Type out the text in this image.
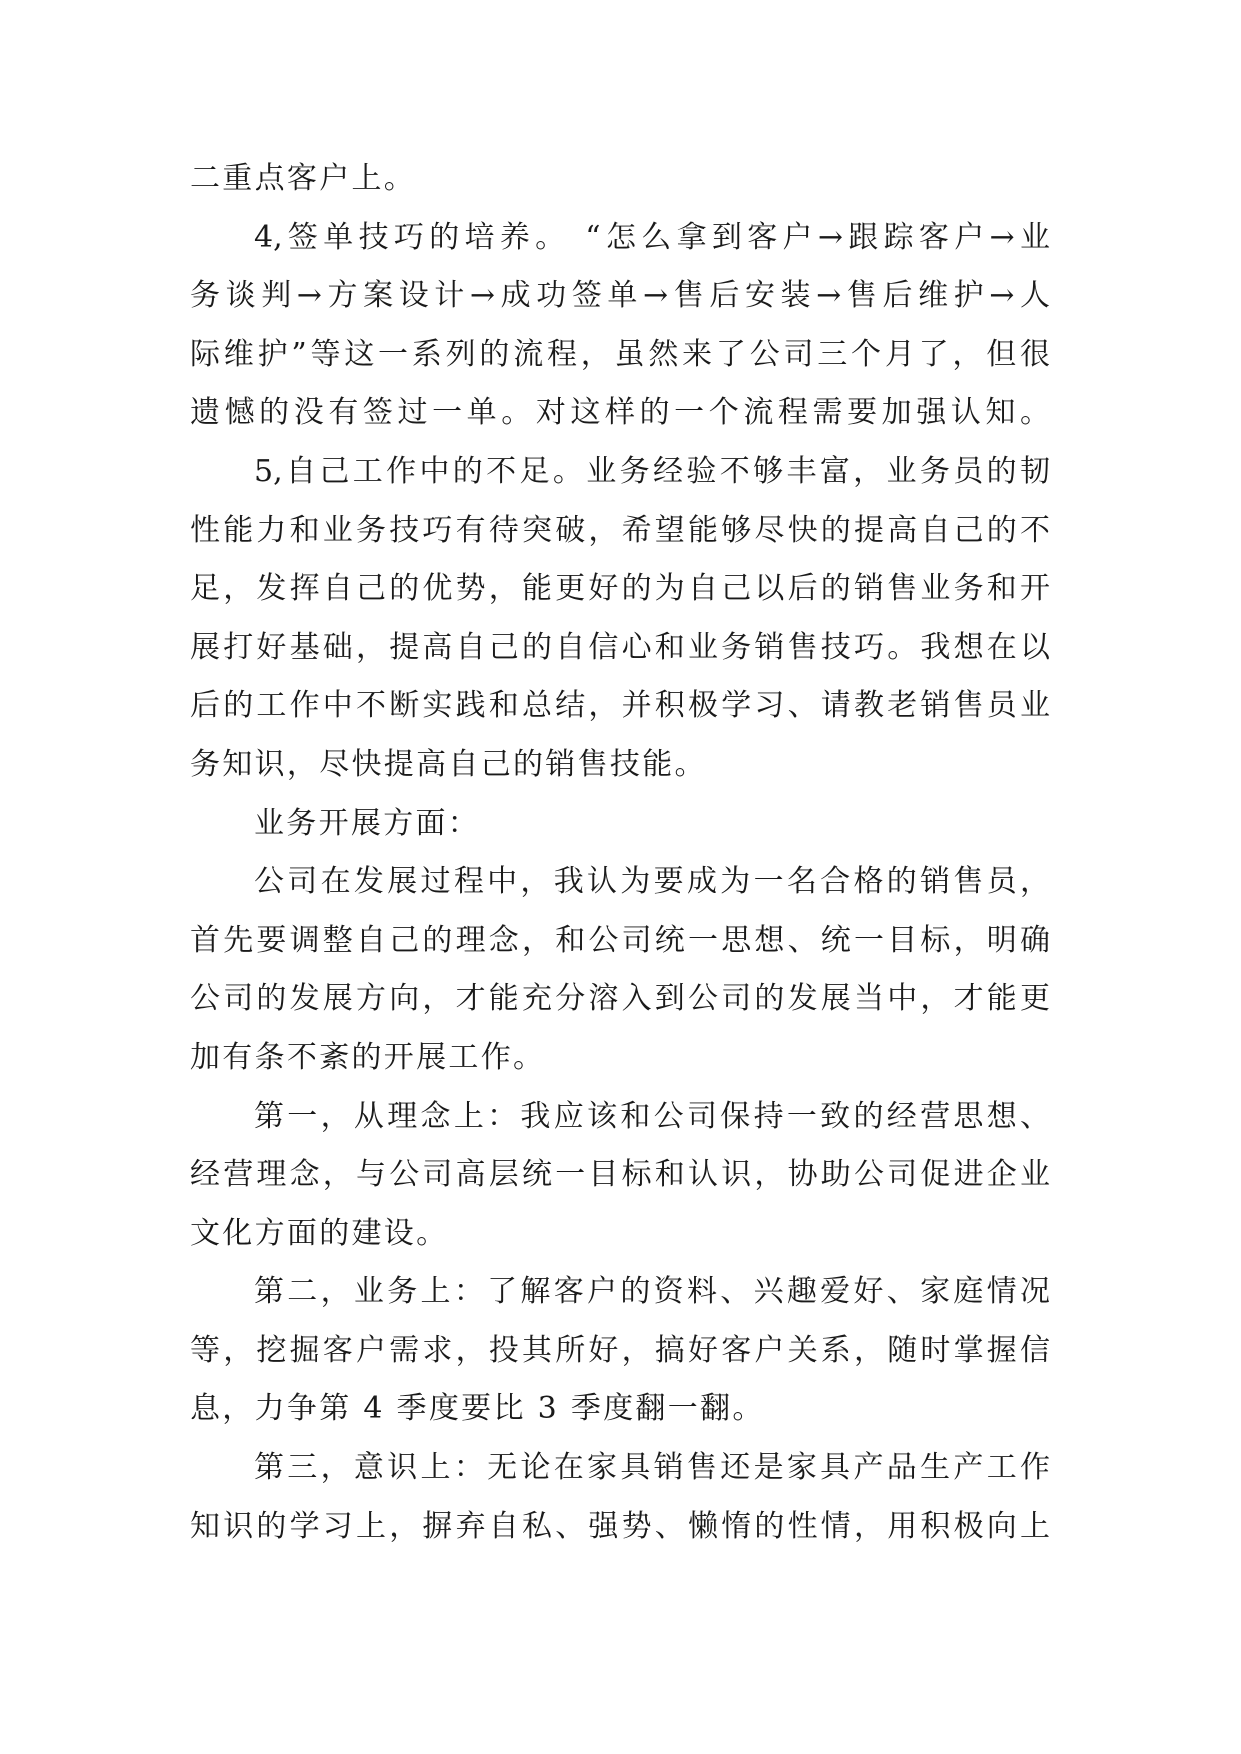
二重点客户上。
4,签单技巧的培养。 “怎么拿到客户→跟踪客户→业
务谈判→方案设计→成功签单→售后安装→售后维护→人
际维护”等这一系列的流程，虽然来了公司三个月了，但很
遗憾的没有签过一单。对这样的一个流程需要加强认知。
5,自己工作中的不足。业务经验不够丰富，业务员的韧
性能力和业务技巧有待突破，希望能够尽快的提高自己的不
足，发挥自己的优势，能更好的为自己以后的销售业务和开
展打好基础，提高自己的自信心和业务销售技巧。我想在以
后的工作中不断实践和总结，并积极学习、请教老销售员业
务知识，尽快提高自己的销售技能。
业务开展方面：
公司在发展过程中，我认为要成为一名合格的销售员，
首先要调整自己的理念，和公司统一思想、统一目标，明确
公司的发展方向，才能充分溶入到公司的发展当中，才能更
加有条不紊的开展工作。
第一，从理念上：我应该和公司保持一致的经营思想、
经营理念，与公司高层统一目标和认识，协助公司促进企业
文化方面的建设。
第二，业务上：了解客户的资料、兴趣爱好、家庭情况
等，挖掘客户需求，投其所好，搞好客户关系，随时掌握信
息，力争第 4 季度要比 3 季度翻一翻。
第三，意识上：无论在家具销售还是家具产品生产工作
知识的学习上，摒弃自私、强势、懒惰的性情，用积极向上
